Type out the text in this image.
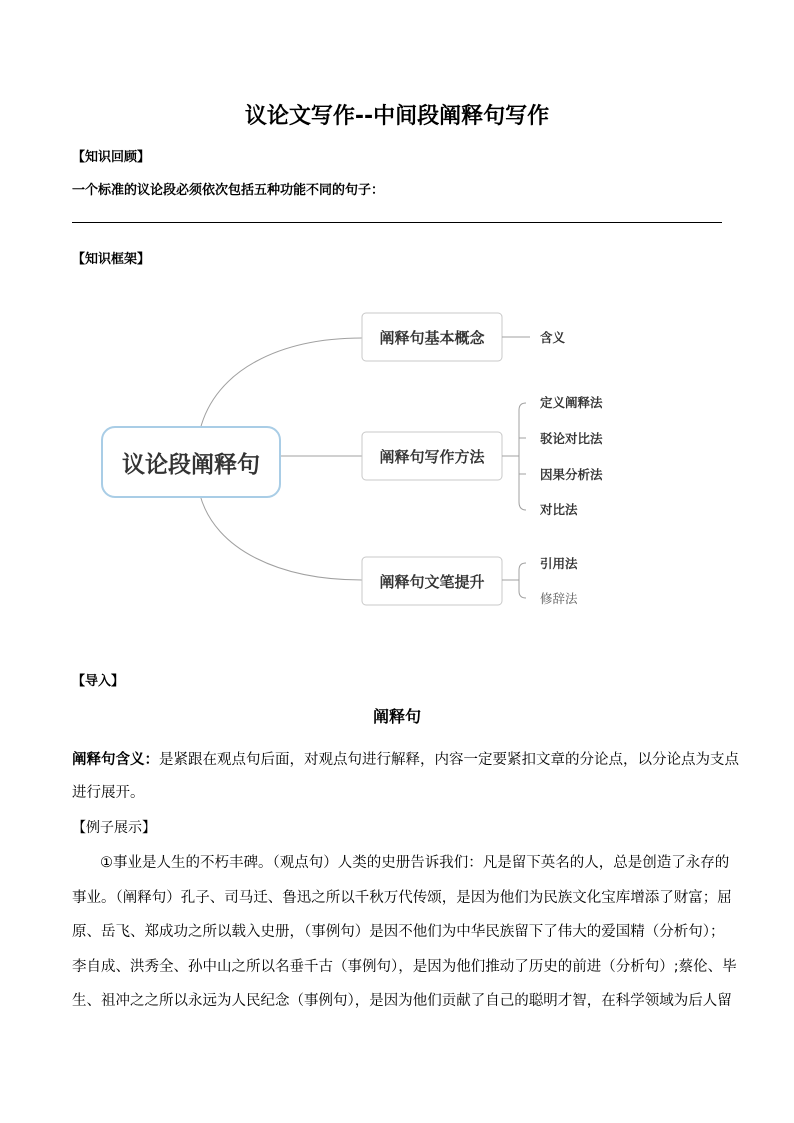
议论文写作--中间段阐释句写作
【知识回顾】
一个标准的议论段必须依次包括五种功能不同的句子：
【知识框架】
议论段阐释句
阐释句基本概念	含义
阐释句写作方法
定义阐释法
驳论对比法
因果分析法
对比法
阐释句文笔提升
引用法
修辞法
【导入】
阐释句
阐释句含义：是紧跟在观点句后面，对观点句进行解释，内容一定要紧扣文章的分论点，以分论点为支点
进行展开。
【例子展示】
①事业是人生的不朽丰碑。（观点句）人类的史册告诉我们：凡是留下英名的人，总是创造了永存的
事业。（阐释句）孔子、司马迁、鲁迅之所以千秋万代传颂，是因为他们为民族文化宝库增添了财富；屈
原、岳飞、郑成功之所以载入史册，（事例句）是因不他们为中华民族留下了伟大的爱国精（分析句）；
李自成、洪秀全、孙中山之所以名垂千古（事例句），是因为他们推动了历史的前进（分析句）;蔡伦、毕
生、祖冲之之所以永远为人民纪念（事例句），是因为他们贡献了自己的聪明才智，在科学领域为后人留
